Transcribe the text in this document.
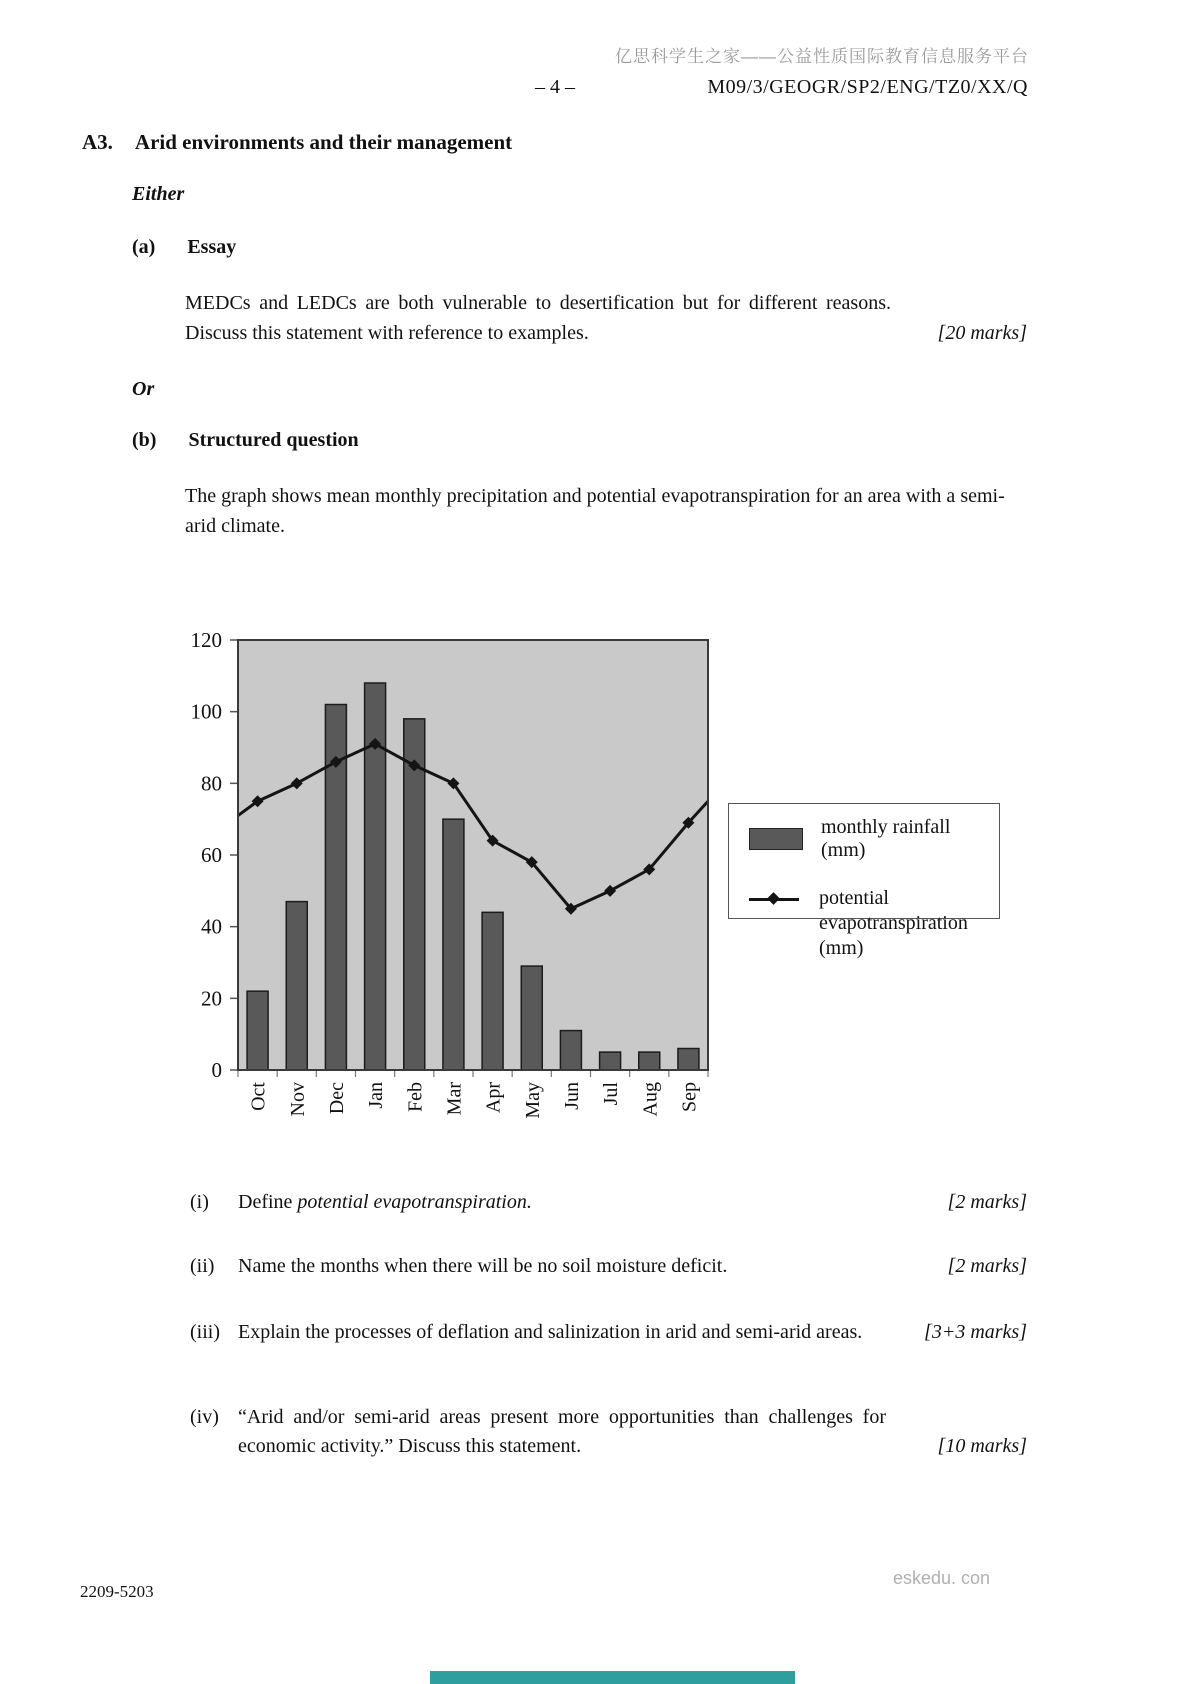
亿思科学生之家——公益性质国际教育信息服务平台
– 4 –	M09/3/GEOGR/SP2/ENG/TZ0/XX/Q
A3. Arid environments and their management
Either
(a) Essay
MEDCs and LEDCs are both vulnerable to desertification but for different reasons. Discuss this statement with reference to examples.	[20 marks]
Or
(b) Structured question
The graph shows mean monthly precipitation and potential evapotranspiration for an area with a semi-arid climate.
0
20
40
60
80
100
120
Oct Nov Dec Jan Feb Mar Apr May Jun Jul Aug Sep
monthly rainfall (mm)
potential evapotranspiration (mm)
(i)	Define potential evapotranspiration.	[2 marks]
(ii)	Name the months when there will be no soil moisture deficit.	[2 marks]
(iii) Explain the processes of deflation and salinization in arid and semi-arid areas.	[3+3 marks]
(iv) “Arid and/or semi-arid areas present more opportunities than challenges for economic activity.” Discuss this statement.	[10 marks]
2209-5203
eskedu. con
